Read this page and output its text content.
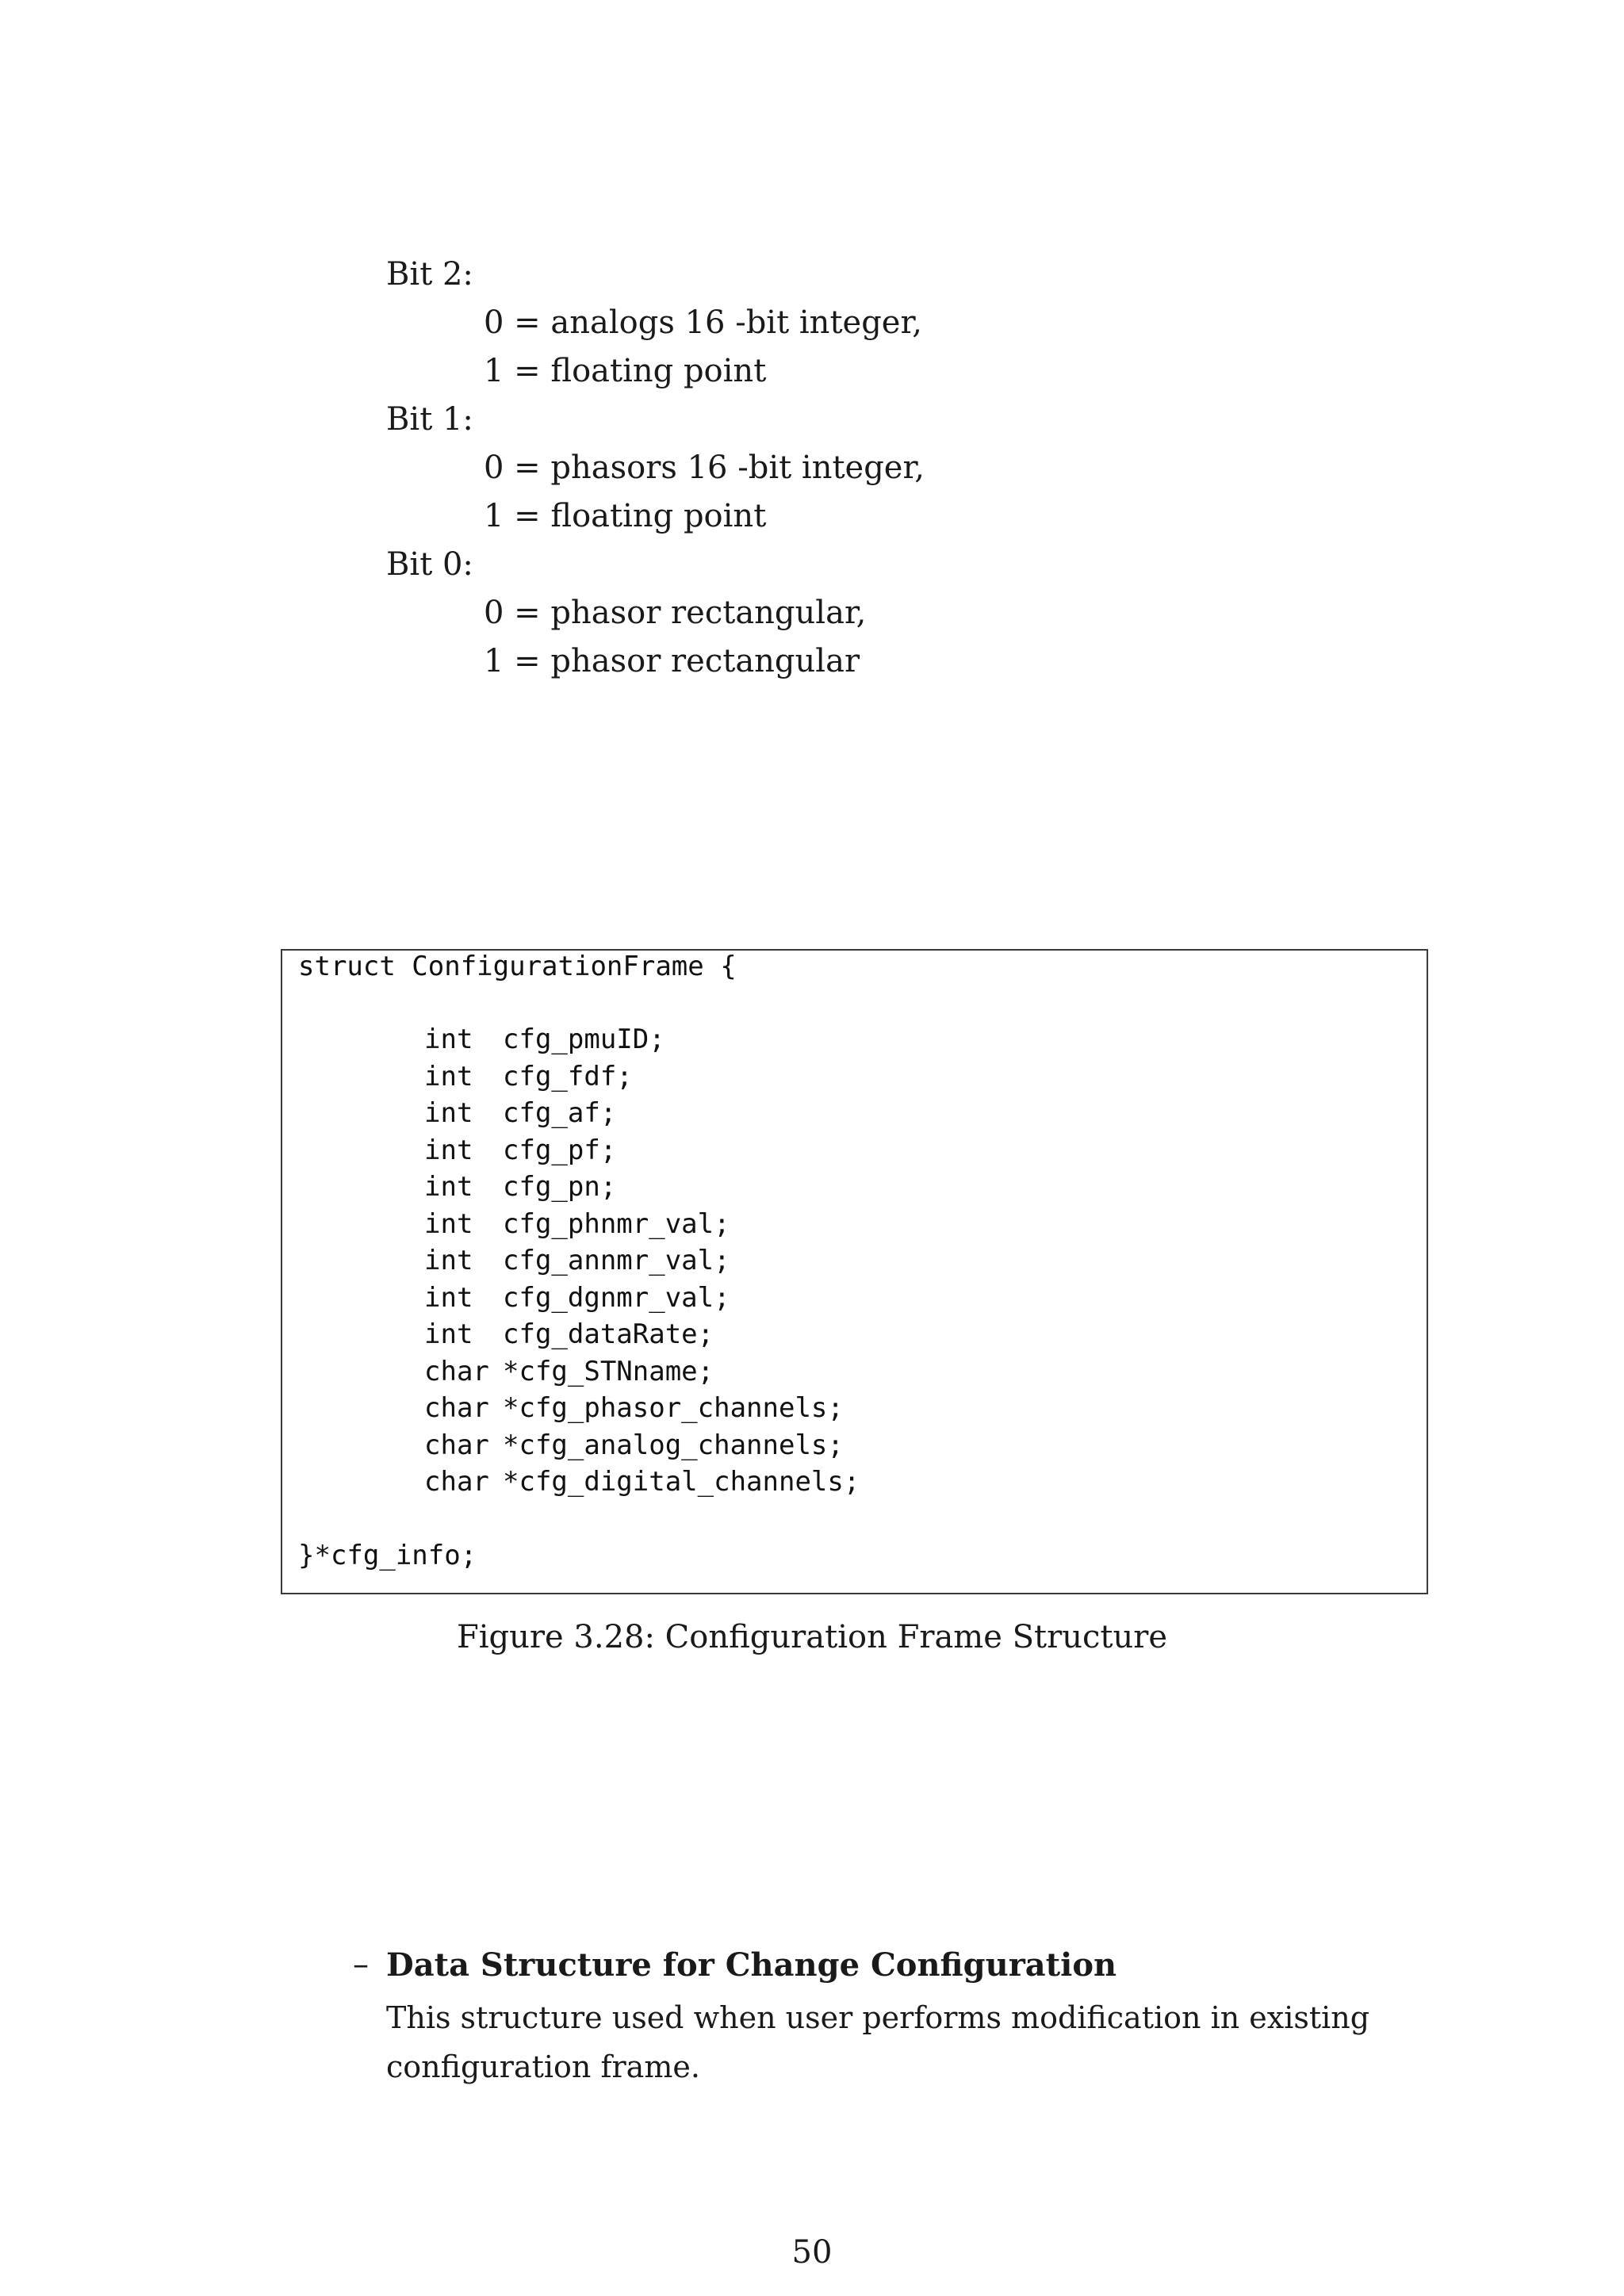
Bit 2:
0 = analogs 16 -bit integer,
1 = floating point
Bit 1:
0 = phasors 16 -bit integer,
1 = floating point
Bit 0:
0 = phasor rectangular,
1 = phasor rectangular
struct ConfigurationFrame {
int cfg_pmuID;
int cfg_fdf;
int cfg_af;
int cfg_pf;
int cfg_pn;
int cfg_phnmr_val;
int cfg_annmr_val;
int cfg_dgnmr_val;
int cfg_dataRate;
char *cfg_STNname;
char *cfg_phasor_channels;
char *cfg_analog_channels;
char *cfg_digital_channels;
}*cfg_info;
Figure 3.28: Configuration Frame Structure
– Data Structure for Change Configuration
This structure used when user performs modification in existing configuration frame.
50
